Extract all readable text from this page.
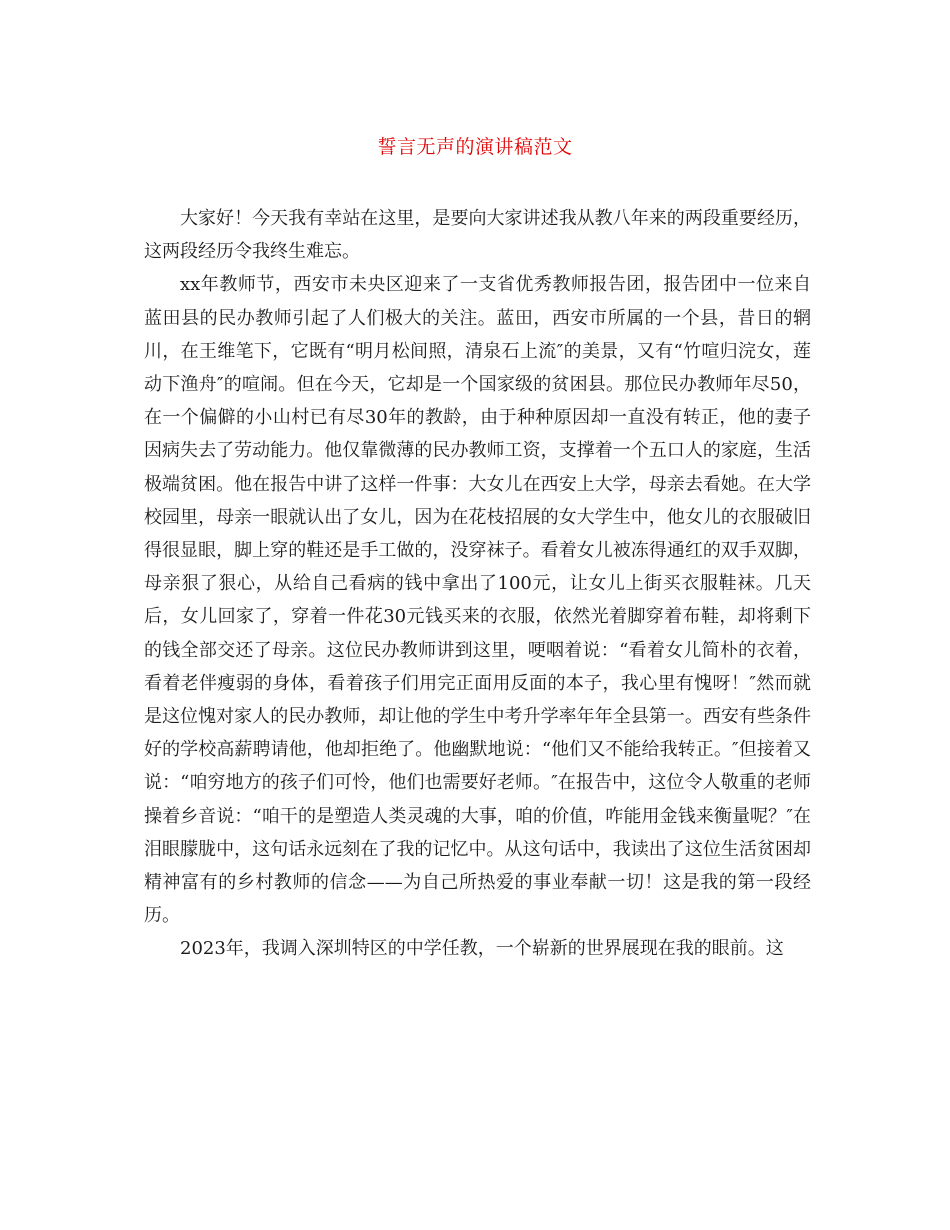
誓言无声的演讲稿范文

大家好！今天我有幸站在这里，是要向大家讲述我从教八年来的两段重要经历，这两段经历令我终生难忘。

xx年教师节，西安市未央区迎来了一支省优秀教师报告团，报告团中一位来自蓝田县的民办教师引起了人们极大的关注。蓝田，西安市所属的一个县，昔日的辋川，在王维笔下，它既有“明月松间照，清泉石上流″的美景，又有“竹喧归浣女，莲动下渔舟″的喧闹。但在今天，它却是一个国家级的贫困县。那位民办教师年尽50，在一个偏僻的小山村已有尽30年的教龄，由于种种原因却一直没有转正，他的妻子因病失去了劳动能力。他仅靠微薄的民办教师工资，支撑着一个五口人的家庭，生活极端贫困。他在报告中讲了这样一件事：大女儿在西安上大学，母亲去看她。在大学校园里，母亲一眼就认出了女儿，因为在花枝招展的女大学生中，他女儿的衣服破旧得很显眼，脚上穿的鞋还是手工做的，没穿袜子。看着女儿被冻得通红的双手双脚，母亲狠了狠心，从给自己看病的钱中拿出了100元，让女儿上街买衣服鞋袜。几天后，女儿回家了，穿着一件花30元钱买来的衣服，依然光着脚穿着布鞋，却将剩下的钱全部交还了母亲。这位民办教师讲到这里，哽咽着说：“看着女儿简朴的衣着，看着老伴瘦弱的身体，看着孩子们用完正面用反面的本子，我心里有愧呀！″然而就是这位愧对家人的民办教师，却让他的学生中考升学率年年全县第一。西安有些条件好的学校高薪聘请他，他却拒绝了。他幽默地说：“他们又不能给我转正。″但接着又说：“咱穷地方的孩子们可怜，他们也需要好老师。″在报告中，这位令人敬重的老师操着乡音说：“咱干的是塑造人类灵魂的大事，咱的价值，咋能用金钱来衡量呢？″在泪眼朦胧中，这句话永远刻在了我的记忆中。从这句话中，我读出了这位生活贫困却精神富有的乡村教师的信念——为自己所热爱的事业奉献一切！这是我的第一段经历。

2023年，我调入深圳特区的中学任教，一个崭新的世界展现在我的眼前。这
